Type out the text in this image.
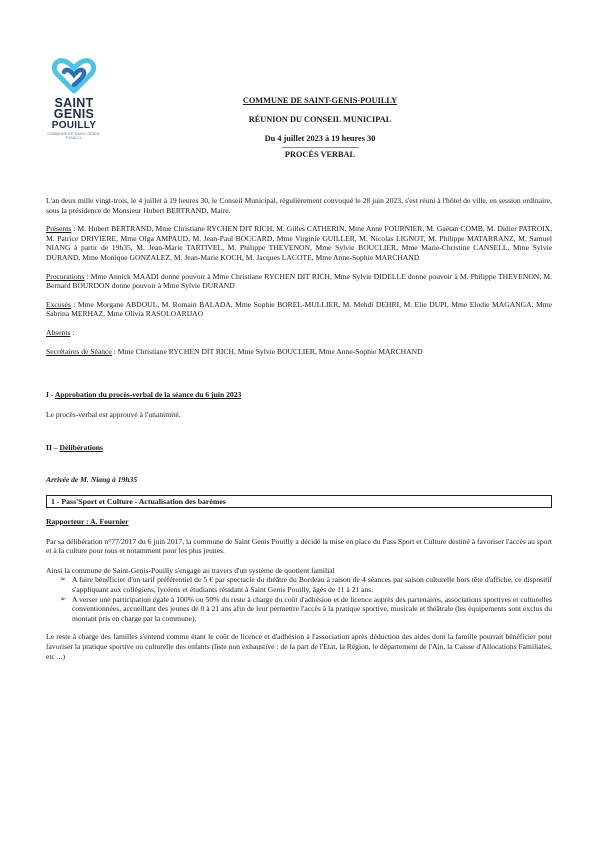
SAINT
GENIS
POUILLY
COMMUNE DE SAINT-GENIS-POUILLY
COMMUNE DE SAINT-GENIS-POUILLY
RÉUNION DU CONSEIL MUNICIPAL
Du 4 juillet 2023 à 19 heures 30
------------------------------------------
PROCÈS VERBAL

L'an deux mille vingt-trois, le 4 juillet à 19 heures 30, le Conseil Municipal, régulièrement convoqué le 28 juin 2023, s'est réuni à l'hôtel de ville, en session ordinaire, sous la présidence de Monsieur Hubert BERTRAND, Maire.

Présents : M. Hubert BERTRAND, Mme Christiane RYCHEN DIT RICH, M. Gilles CATHERIN, Mme Anne FOURNIER, M. Gaëtan COMB, M. Didier PATROIX, M. Patrice DRIVIERE, Mme Olga AMPAUD, M. Jean-Paul BOCCARD, Mme Virginie GUILLER, M. Nicolas LIGNOT, M. Philippe MATARRANZ, M. Samuel NIANG à partir de 19h35, M. Jean-Marie TARTIVEL, M. Philippe THEVENON, Mme Sylvie BOUCLIER, Mme Marie-Christine CANSELL, Mme Sylvie DURAND, Mme Monique GONZALEZ, M. Jean-Marie KOCH, M. Jacques LACOTE, Mme Anne-Sophie MARCHAND

Procurations : Mme Annick MAADI donne pouvoir à Mme Christiane RYCHEN DIT RICH, Mme Sylvie DIDELLE donne pouvoir à M. Philippe THEVENON, M. Bernard BOURDON donne pouvoir à Mme Sylvie DURAND

Excusés : Mme Morgane ABDOUL, M. Romain BALADA, Mme Sophie BOREL-MULLIER, M. Mehdi DEHRI, M. Elie DUPI, Mme Elodie MAGANGA, Mme Sabrina MERHAZ, Mme Olivia RASOLOARIJAO

Absents :

Secrétaires de Séance : Mme Christiane RYCHEN DIT RICH, Mme Sylvie BOUCLIER, Mme Anne-Sophie MARCHAND

I - Approbation du procès-verbal de la séance du 6 juin 2023

Le procès-verbal est approuvé à l'unanimité.

II – Délibérations

Arrivée de M. Niang à 19h35

1 - Pass'Sport et Culture - Actualisation des barèmes

Rapporteur : A. Fournier

Par sa délibération n°77/2017 du 6 juin 2017, la commune de Saint Genis Pouilly a décidé la mise en place du Pass Sport et Culture destiné à favoriser l'accès au sport et à la culture pour tous et notamment pour les plus jeunes.

Ainsi la commune de Saint-Genis-Pouilly s'engage au travers d'un système de quotient familial

➢ A faire bénéficier d'un tarif préférentiel de 5 € par spectacle du théâtre du Bordeau à raison de 4 séances par saison culturelle hors tête d'affiche, ce dispositif s'appliquant aux collégiens, lycéens et étudiants résidant à Saint Genis Pouilly, âgés de 11 à 21 ans.
➢ A verser une participation égale à 100% ou 50% du reste à charge du coût d'adhésion et de licence auprès des partenaires, associations sportives et culturelles conventionnées, accueillant des jeunes de 0 à 21 ans afin de leur permettre l'accès à la pratique sportive, musicale et théâtrale (les équipements sont exclus du montant pris en charge par la commune).

Le reste à charge des familles s'entend comme étant le coût de licence et d'adhésion à l'association après déduction des aides dont la famille pourrait bénéficier pour favoriser la pratique sportive ou culturelle des enfants (liste non exhaustive : de la part de l'Etat, la Région, le département de l'Ain, la Caisse d'Allocations Familiales, etc ...)
